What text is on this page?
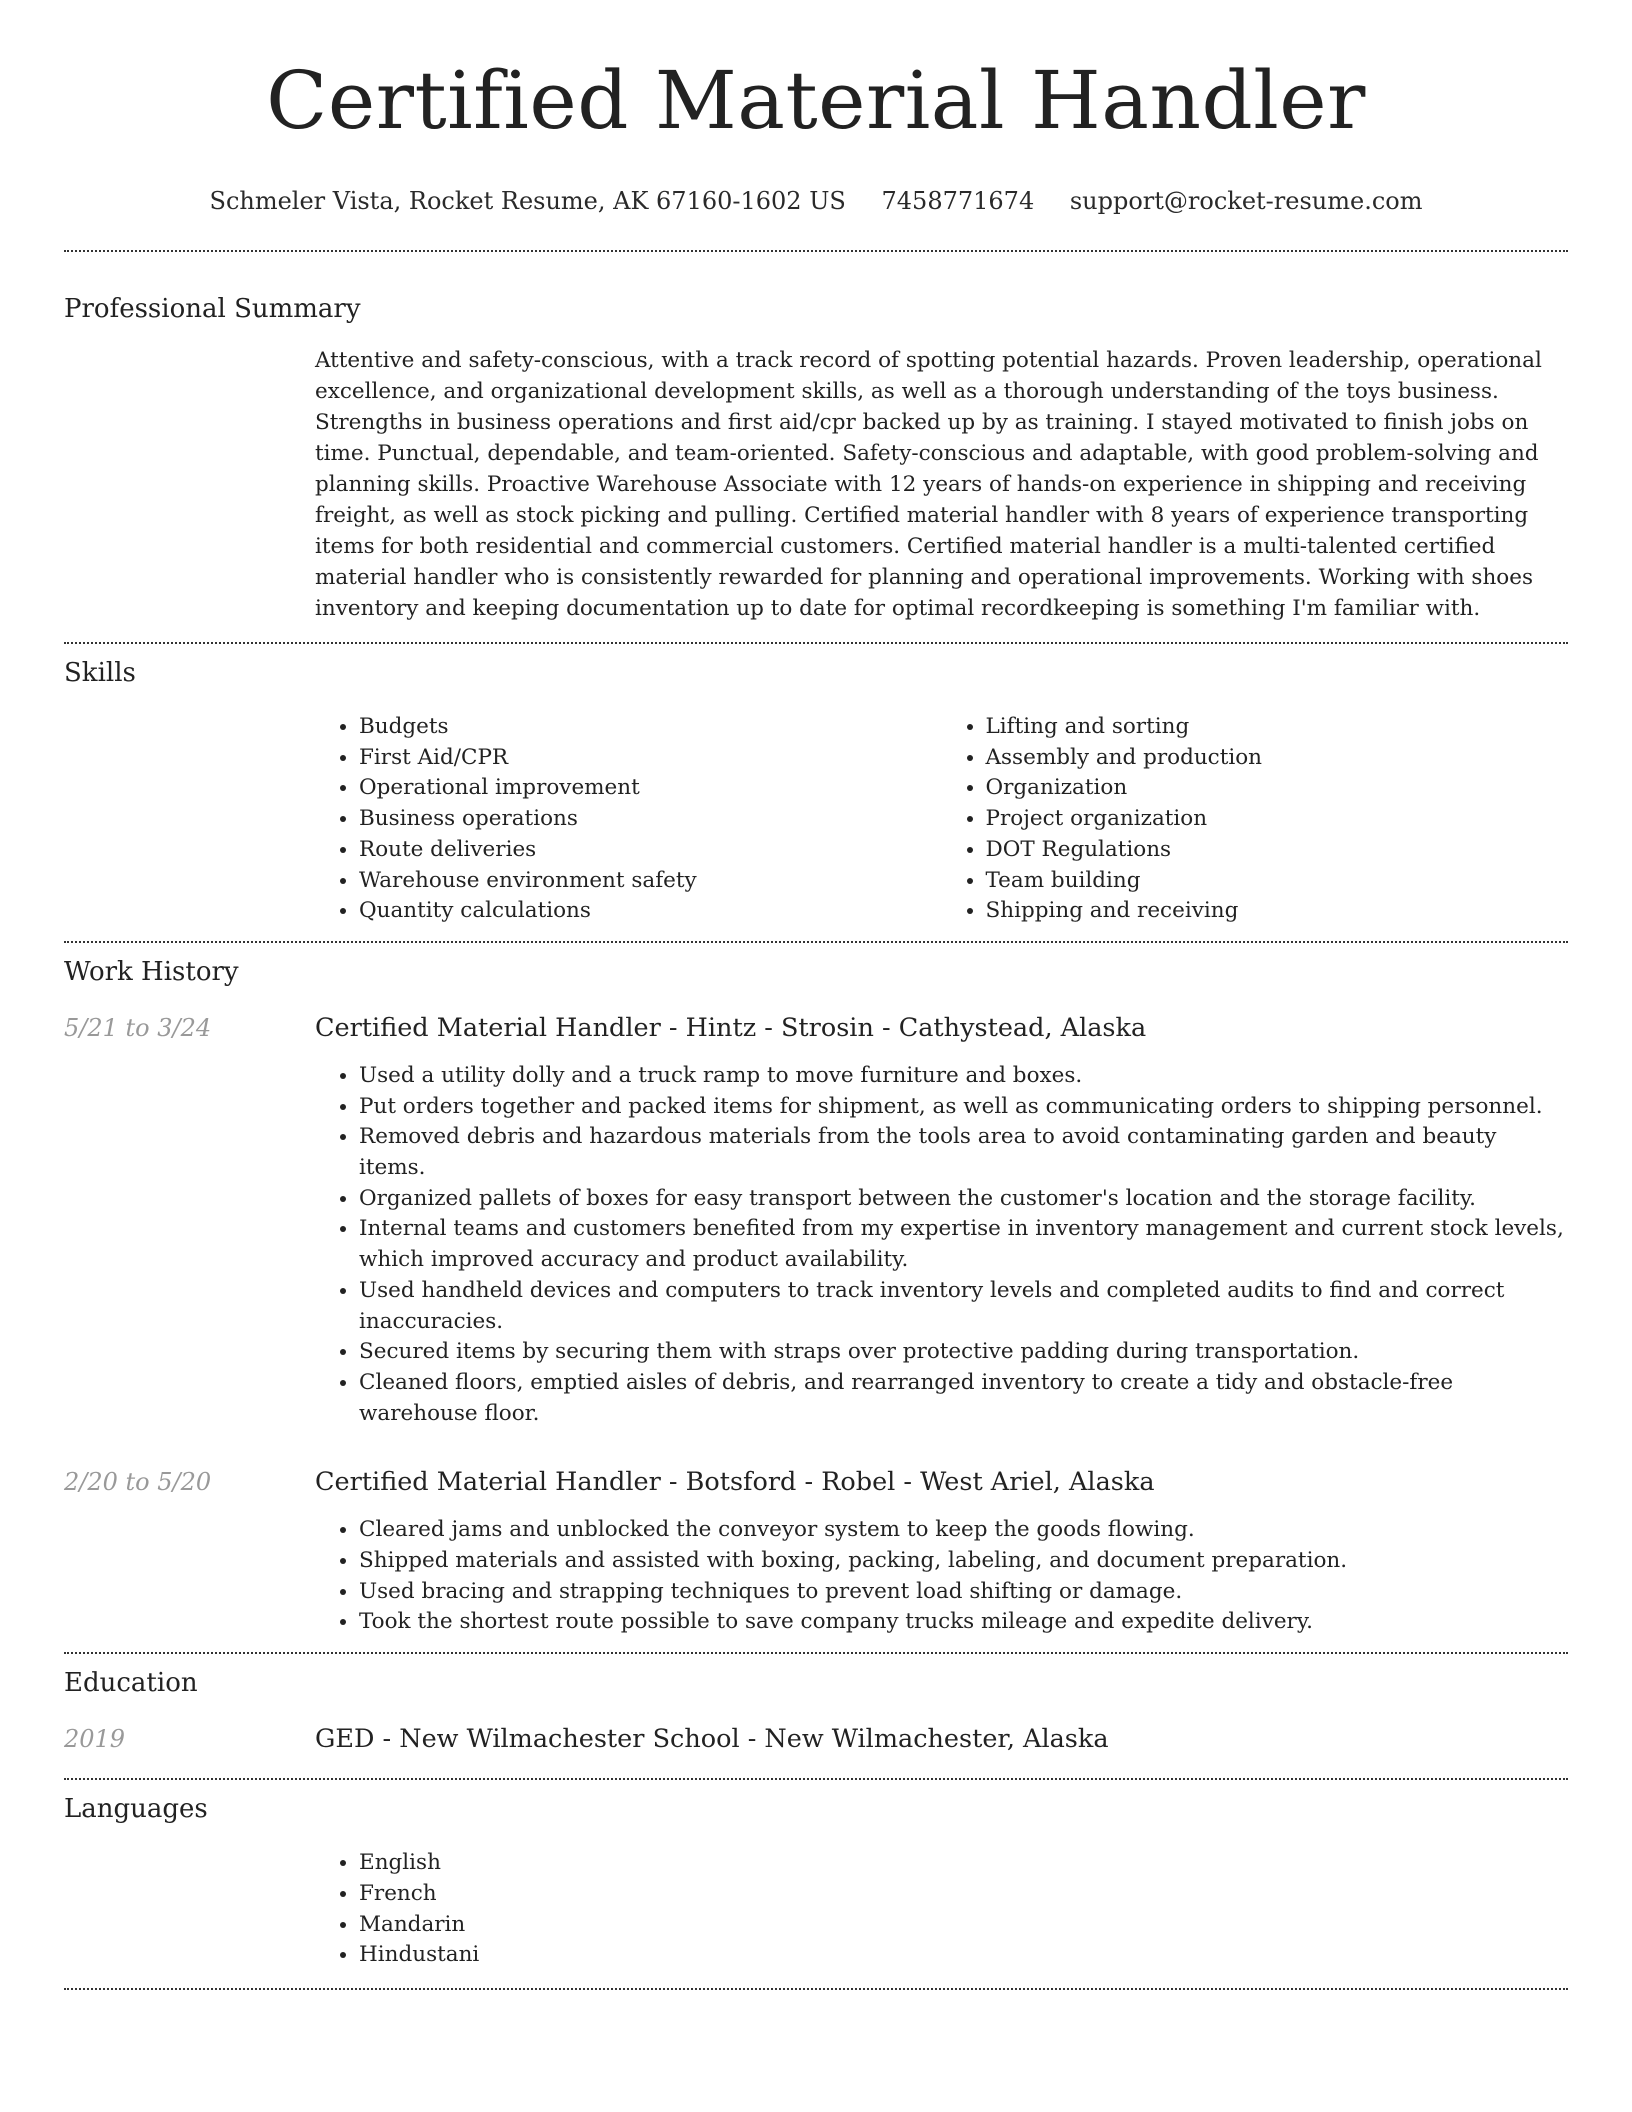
Certified Material Handler
Schmeler Vista, Rocket Resume, AK 67160-1602 US 7458771674 support@rocket-resume.com
Professional Summary

Attentive and safety-conscious, with a track record of spotting potential hazards. Proven leadership, operational excellence, and organizational development skills, as well as a thorough understanding of the toys business. Strengths in business operations and first aid/cpr backed up by as training. I stayed motivated to finish jobs on time. Punctual, dependable, and team-oriented. Safety-conscious and adaptable, with good problem-solving and planning skills. Proactive Warehouse Associate with 12 years of hands-on experience in shipping and receiving freight, as well as stock picking and pulling. Certified material handler with 8 years of experience transporting items for both residential and commercial customers. Certified material handler is a multi-talented certified material handler who is consistently rewarded for planning and operational improvements. Working with shoes inventory and keeping documentation up to date for optimal recordkeeping is something I'm familiar with.

Skills
• Budgets
• First Aid/CPR
• Operational improvement
• Business operations
• Route deliveries
• Warehouse environment safety
• Quantity calculations
• Lifting and sorting
• Assembly and production
• Organization
• Project organization
• DOT Regulations
• Team building
• Shipping and receiving
Work History
5/21 to 3/24	Certified Material Handler - Hintz - Strosin - Cathystead, Alaska
• Used a utility dolly and a truck ramp to move furniture and boxes.
• Put orders together and packed items for shipment, as well as communicating orders to shipping personnel.
• Removed debris and hazardous materials from the tools area to avoid contaminating garden and beauty items.
• Organized pallets of boxes for easy transport between the customer's location and the storage facility.
• Internal teams and customers benefited from my expertise in inventory management and current stock levels, which improved accuracy and product availability.
• Used handheld devices and computers to track inventory levels and completed audits to find and correct inaccuracies.
• Secured items by securing them with straps over protective padding during transportation.
• Cleaned floors, emptied aisles of debris, and rearranged inventory to create a tidy and obstacle-free warehouse floor.
2/20 to 5/20	Certified Material Handler - Botsford - Robel - West Ariel, Alaska
• Cleared jams and unblocked the conveyor system to keep the goods flowing.
• Shipped materials and assisted with boxing, packing, labeling, and document preparation.
• Used bracing and strapping techniques to prevent load shifting or damage.
• Took the shortest route possible to save company trucks mileage and expedite delivery.
Education
2019	GED - New Wilmachester School - New Wilmachester, Alaska
Languages
• English
• French
• Mandarin
• Hindustani
